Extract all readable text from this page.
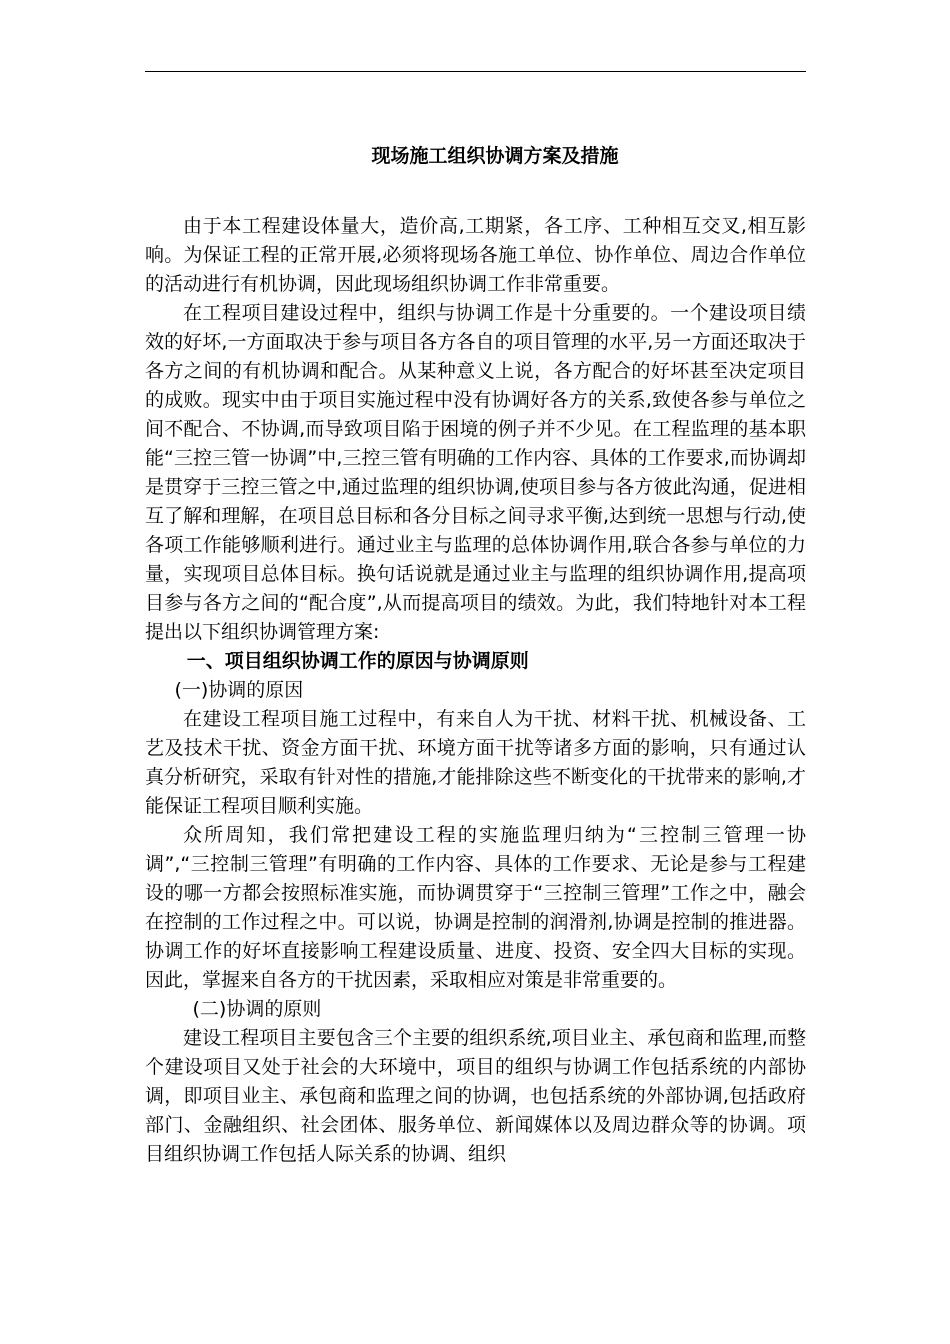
现场施工组织协调方案及措施

由于本工程建设体量大，造价高,工期紧，各工序、工种相互交叉,相互影响。为保证工程的正常开展,必须将现场各施工单位、协作单位、周边合作单位的活动进行有机协调，因此现场组织协调工作非常重要。

在工程项目建设过程中，组织与协调工作是十分重要的。一个建设项目绩效的好坏,一方面取决于参与项目各方各自的项目管理的水平,另一方面还取决于各方之间的有机协调和配合。从某种意义上说，各方配合的好坏甚至决定项目的成败。现实中由于项目实施过程中没有协调好各方的关系,致使各参与单位之间不配合、不协调,而导致项目陷于困境的例子并不少见。在工程监理的基本职能“三控三管一协调”中,三控三管有明确的工作内容、具体的工作要求,而协调却是贯穿于三控三管之中,通过监理的组织协调,使项目参与各方彼此沟通，促进相互了解和理解，在项目总目标和各分目标之间寻求平衡,达到统一思想与行动,使各项工作能够顺利进行。通过业主与监理的总体协调作用,联合各参与单位的力量，实现项目总体目标。换句话说就是通过业主与监理的组织协调作用,提高项目参与各方之间的“配合度”,从而提高项目的绩效。为此，我们特地针对本工程提出以下组织协调管理方案:

一、项目组织协调工作的原因与协调原则

(一)协调的原因

在建设工程项目施工过程中，有来自人为干扰、材料干扰、机械设备、工艺及技术干扰、资金方面干扰、环境方面干扰等诸多方面的影响，只有通过认真分析研究，采取有针对性的措施,才能排除这些不断变化的干扰带来的影响,才能保证工程项目顺利实施。

众所周知，我们常把建设工程的实施监理归纳为“三控制三管理一协调”,“三控制三管理”有明确的工作内容、具体的工作要求、无论是参与工程建设的哪一方都会按照标准实施，而协调贯穿于“三控制三管理”工作之中，融会在控制的工作过程之中。可以说，协调是控制的润滑剂,协调是控制的推进器。协调工作的好坏直接影响工程建设质量、进度、投资、安全四大目标的实现。因此，掌握来自各方的干扰因素，采取相应对策是非常重要的。

(二)协调的原则

建设工程项目主要包含三个主要的组织系统,项目业主、承包商和监理,而整个建设项目又处于社会的大环境中，项目的组织与协调工作包括系统的内部协调，即项目业主、承包商和监理之间的协调，也包括系统的外部协调,包括政府部门、金融组织、社会团体、服务单位、新闻媒体以及周边群众等的协调。项目组织协调工作包括人际关系的协调、组织
